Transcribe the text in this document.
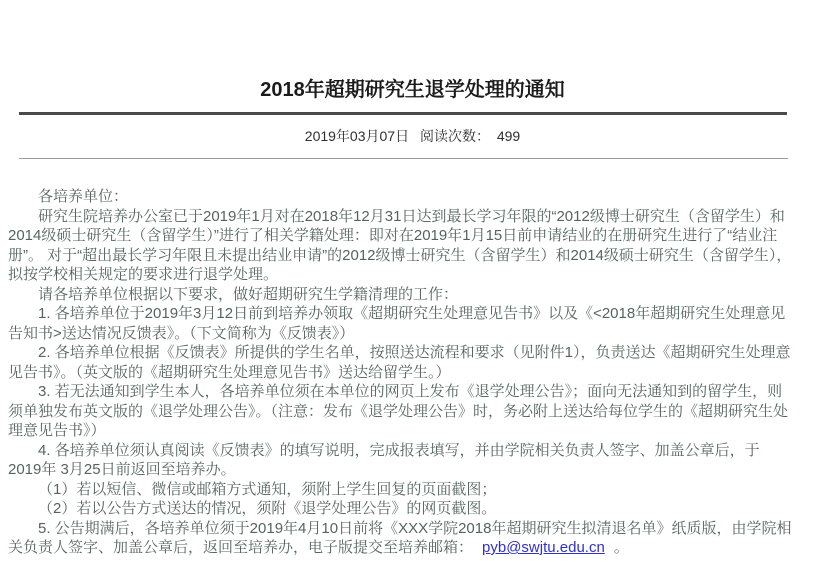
2018年超期研究生退学处理的通知
2019年03月07日 阅读次数： 499

各培养单位：

研究生院培养办公室已于2019年1月对在2018年12月31日达到最长学习年限的“2012级博士研究生（含留学生）和2014级硕士研究生（含留学生）”进行了相关学籍处理：即对在2019年1月15日前申请结业的在册研究生进行了“结业注册”。 对于“超出最长学习年限且未提出结业申请”的2012级博士研究生（含留学生）和2014级硕士研究生（含留学生），拟按学校相关规定的要求进行退学处理。

请各培养单位根据以下要求，做好超期研究生学籍清理的工作：

1. 各培养单位于2019年3月12日前到培养办领取《超期研究生处理意见告书》以及《<2018年超期研究生处理意见告知书>送达情况反馈表》。（下文简称为《反馈表》）

2. 各培养单位根据《反馈表》所提供的学生名单，按照送达流程和要求（见附件1），负责送达《超期研究生处理意见告书》。（英文版的《超期研究生处理意见告书》送达给留学生。）

3. 若无法通知到学生本人，各培养单位须在本单位的网页上发布《退学处理公告》；面向无法通知到的留学生，则须单独发布英文版的《退学处理公告》。（注意：发布《退学处理公告》时，务必附上送达给每位学生的《超期研究生处理意见告书》）

4. 各培养单位须认真阅读《反馈表》的填写说明，完成报表填写，并由学院相关负责人签字、加盖公章后，于2019年 3月25日前返回至培养办。

（1）若以短信、微信或邮箱方式通知，须附上学生回复的页面截图；

（2）若以公告方式送达的情况，须附《退学处理公告》的网页截图。

5. 公告期满后，各培养单位须于2019年4月10日前将《XXX学院2018年超期研究生拟清退名单》纸质版，由学院相关负责人签字、加盖公章后，返回至培养办，电子版提交至培养邮箱： pyb@swjtu.edu.cn 。
